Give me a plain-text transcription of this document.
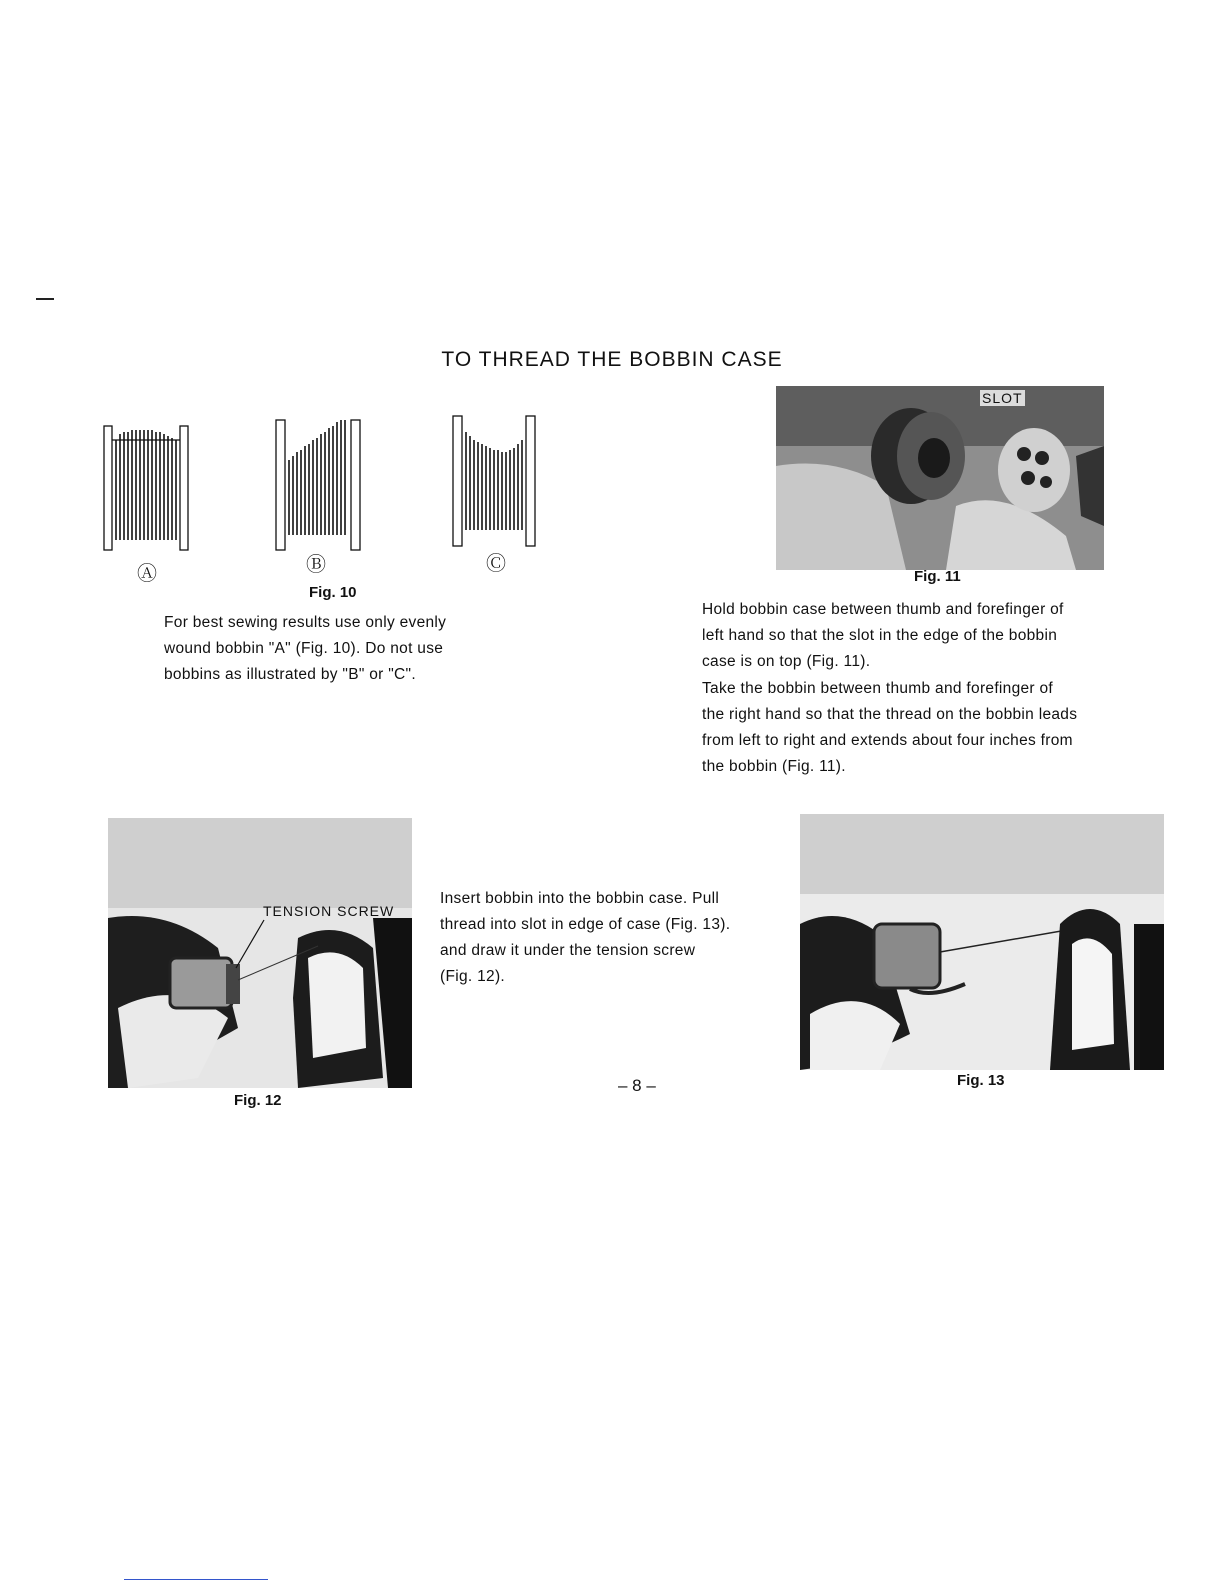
TO THREAD THE BOBBIN CASE
Ⓐ	Ⓑ	Ⓒ
Fig. 10
For best sewing results use only evenly
wound bobbin "A" (Fig. 10). Do not use
bobbins as illustrated by "B" or "C".
SLOT
Fig. 11
Hold bobbin case between thumb and forefinger of
left hand so that the slot in the edge of the bobbin
case is on top (Fig. 11).
Take the bobbin between thumb and forefinger of
the right hand so that the thread on the bobbin leads
from left to right and extends about four inches from
the bobbin (Fig. 11).
TENSION SCREW
Fig. 12
Insert bobbin into the bobbin case. Pull
thread into slot in edge of case (Fig. 13).
and draw it under the tension screw
(Fig. 12).
– 8 –	Fig. 13
